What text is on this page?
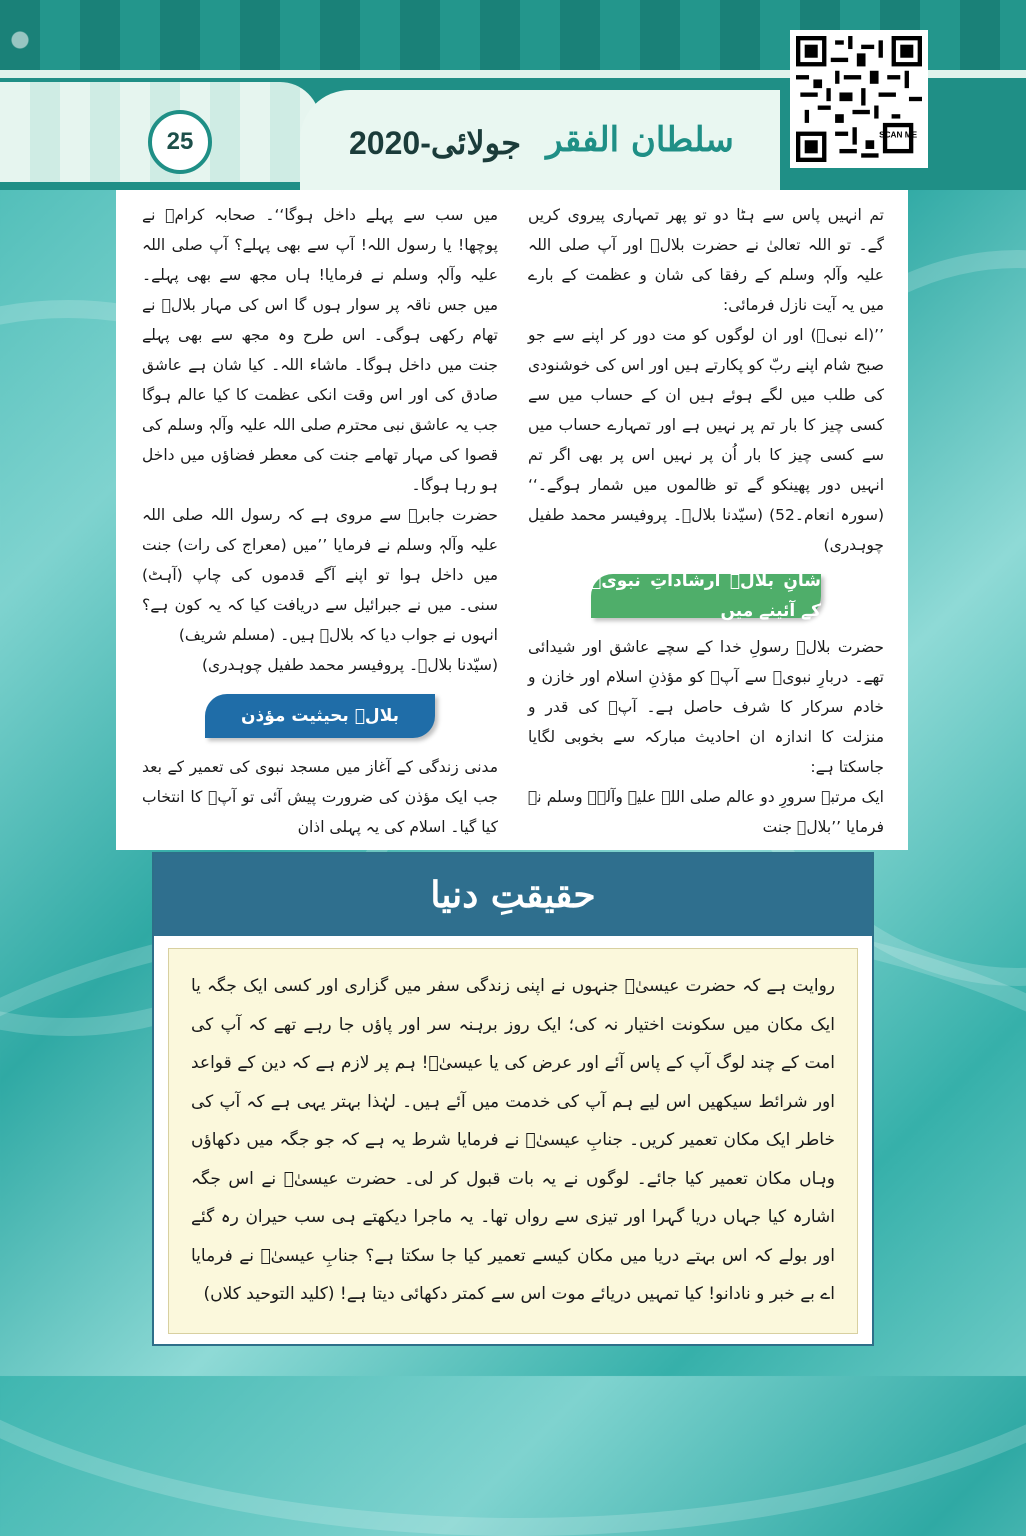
25	جولائی-2020 سلطان الفقر	SCAN ME

تم انہیں پاس سے ہٹا دو تو پھر تمہاری پیروی کریں گے۔ تو اللہ تعالیٰ نے حضرت بلالؓ اور آپ صلی اللہ علیہ وآلہٖ وسلم کے رفقا کی شان و عظمت کے بارے میں یہ آیت نازل فرمائی:

’’(اے نبیؐ) اور ان لوگوں کو مت دور کر اپنے سے جو صبح شام اپنے ربّ کو پکارتے ہیں اور اس کی خوشنودی کی طلب میں لگے ہوئے ہیں ان کے حساب میں سے کسی چیز کا بار تم پر نہیں ہے اور تمہارے حساب میں سے کسی چیز کا بار اُن پر نہیں اس پر بھی اگر تم انہیں دور پھینکو گے تو ظالموں میں شمار ہوگے۔‘‘ (سورہ انعام۔52) (سیّدنا بلالؓ۔ پروفیسر محمد طفیل چوہدری)

شانِ بلالؓ ارشاداتِ نبویؐ کے آئینے میں

حضرت بلالؓ رسولِ خدا کے سچے عاشق اور شیدائی تھے۔ دربارِ نبویؐ سے آپؓ کو مؤذنِ اسلام اور خازن و خادم سرکار کا شرف حاصل ہے۔ آپؓ کی قدر و منزلت کا اندازہ ان احادیث مبارکہ سے بخوبی لگایا جاسکتا ہے:

ایک مرتبہ سرورِ دو عالم صلی اللہ علیہ وآلہٖ وسلم نے فرمایا ’’بلالؓ جنت

میں سب سے پہلے داخل ہوگا‘‘۔ صحابہ کرامؓ نے پوچھا! یا رسول اللہ! آپ سے بھی پہلے؟ آپ صلی اللہ علیہ وآلہٖ وسلم نے فرمایا! ہاں مجھ سے بھی پہلے۔ میں جس ناقہ پر سوار ہوں گا اس کی مہار بلالؓ نے تھام رکھی ہوگی۔ اس طرح وہ مجھ سے بھی پہلے جنت میں داخل ہوگا۔ ماشاء اللہ۔ کیا شان ہے عاشق صادق کی اور اس وقت انکی عظمت کا کیا عالم ہوگا جب یہ عاشق نبی محترم صلی اللہ علیہ وآلہٖ وسلم کی قصوا کی مہار تھامے جنت کی معطر فضاؤں میں داخل ہو رہا ہوگا۔

حضرت جابرؓ سے مروی ہے کہ رسول اللہ صلی اللہ علیہ وآلہٖ وسلم نے فرمایا ’’میں (معراج کی رات) جنت میں داخل ہوا تو اپنے آگے قدموں کی چاپ (آہٹ) سنی۔ میں نے جبرائیل سے دریافت کیا کہ یہ کون ہے؟ انہوں نے جواب دیا کہ بلالؓ ہیں۔ (مسلم شریف)

(سیّدنا بلالؓ۔ پروفیسر محمد طفیل چوہدری)

بلالؓ بحیثیت مؤذن

مدنی زندگی کے آغاز میں مسجد نبوی کی تعمیر کے بعد جب ایک مؤذن کی ضرورت پیش آئی تو آپؓ کا انتخاب کیا گیا۔ اسلام کی یہ پہلی اذان

حقیقتِ دنیا

روایت ہے کہ حضرت عیسیٰؑ جنہوں نے اپنی زندگی سفر میں گزاری اور کسی ایک جگہ یا ایک مکان میں سکونت اختیار نہ کی؛ ایک روز برہنہ سر اور پاؤں جا رہے تھے کہ آپ کی امت کے چند لوگ آپ کے پاس آئے اور عرض کی یا عیسیٰؑ! ہم پر لازم ہے کہ دین کے قواعد اور شرائط سیکھیں اس لیے ہم آپ کی خدمت میں آئے ہیں۔ لہٰذا بہتر یہی ہے کہ آپ کی خاطر ایک مکان تعمیر کریں۔ جنابِ عیسیٰؑ نے فرمایا شرط یہ ہے کہ جو جگہ میں دکھاؤں وہاں مکان تعمیر کیا جائے۔ لوگوں نے یہ بات قبول کر لی۔ حضرت عیسیٰؑ نے اس جگہ اشارہ کیا جہاں دریا گہرا اور تیزی سے رواں تھا۔ یہ ماجرا دیکھتے ہی سب حیران رہ گئے اور بولے کہ اس بہتے دریا میں مکان کیسے تعمیر کیا جا سکتا ہے؟ جنابِ عیسیٰؑ نے فرمایا اے بے خبر و نادانو! کیا تمہیں دریائے موت اس سے کمتر دکھائی دیتا ہے! (کلید التوحید کلاں)
